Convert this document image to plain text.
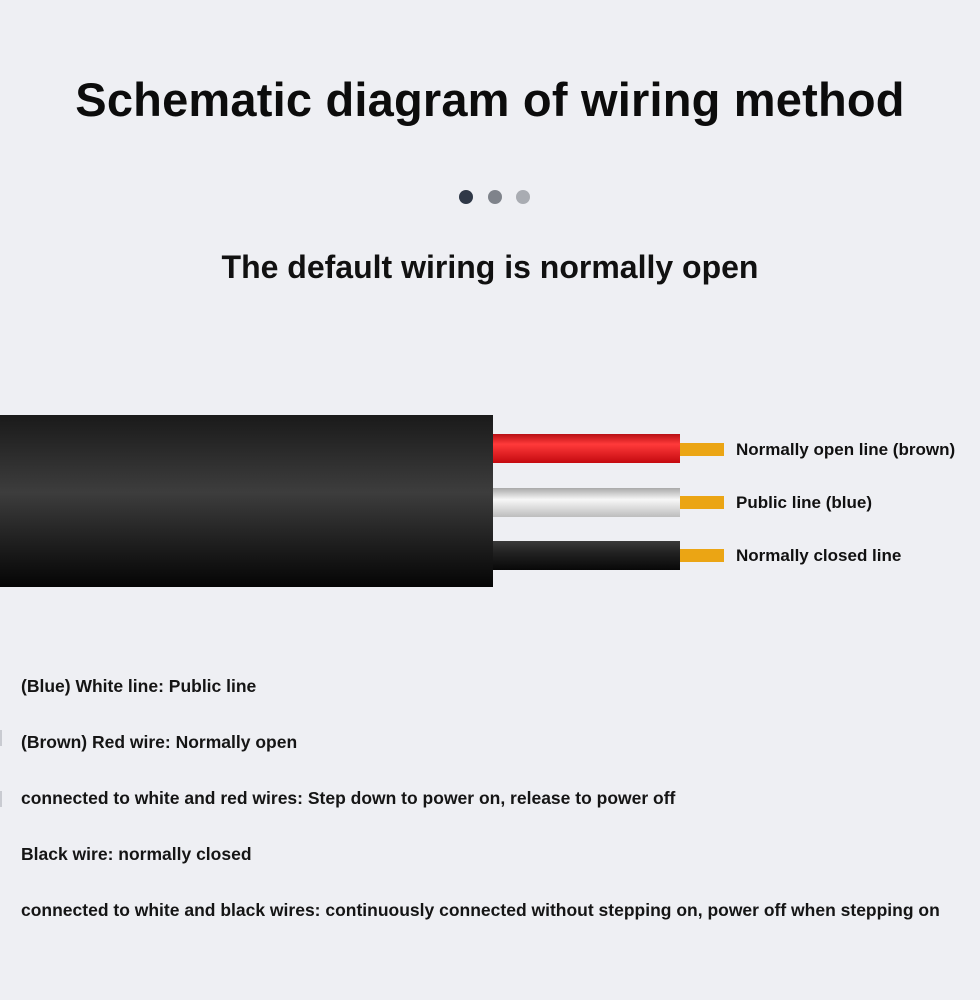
Schematic diagram of wiring method
The default wiring is normally open
Normally open line (brown)
Public line (blue)
Normally closed line
(Blue) White line: Public line
(Brown) Red wire: Normally open
connected to white and red wires: Step down to power on, release to power off
Black wire: normally closed
connected to white and black wires: continuously connected without stepping on, power off when stepping on
